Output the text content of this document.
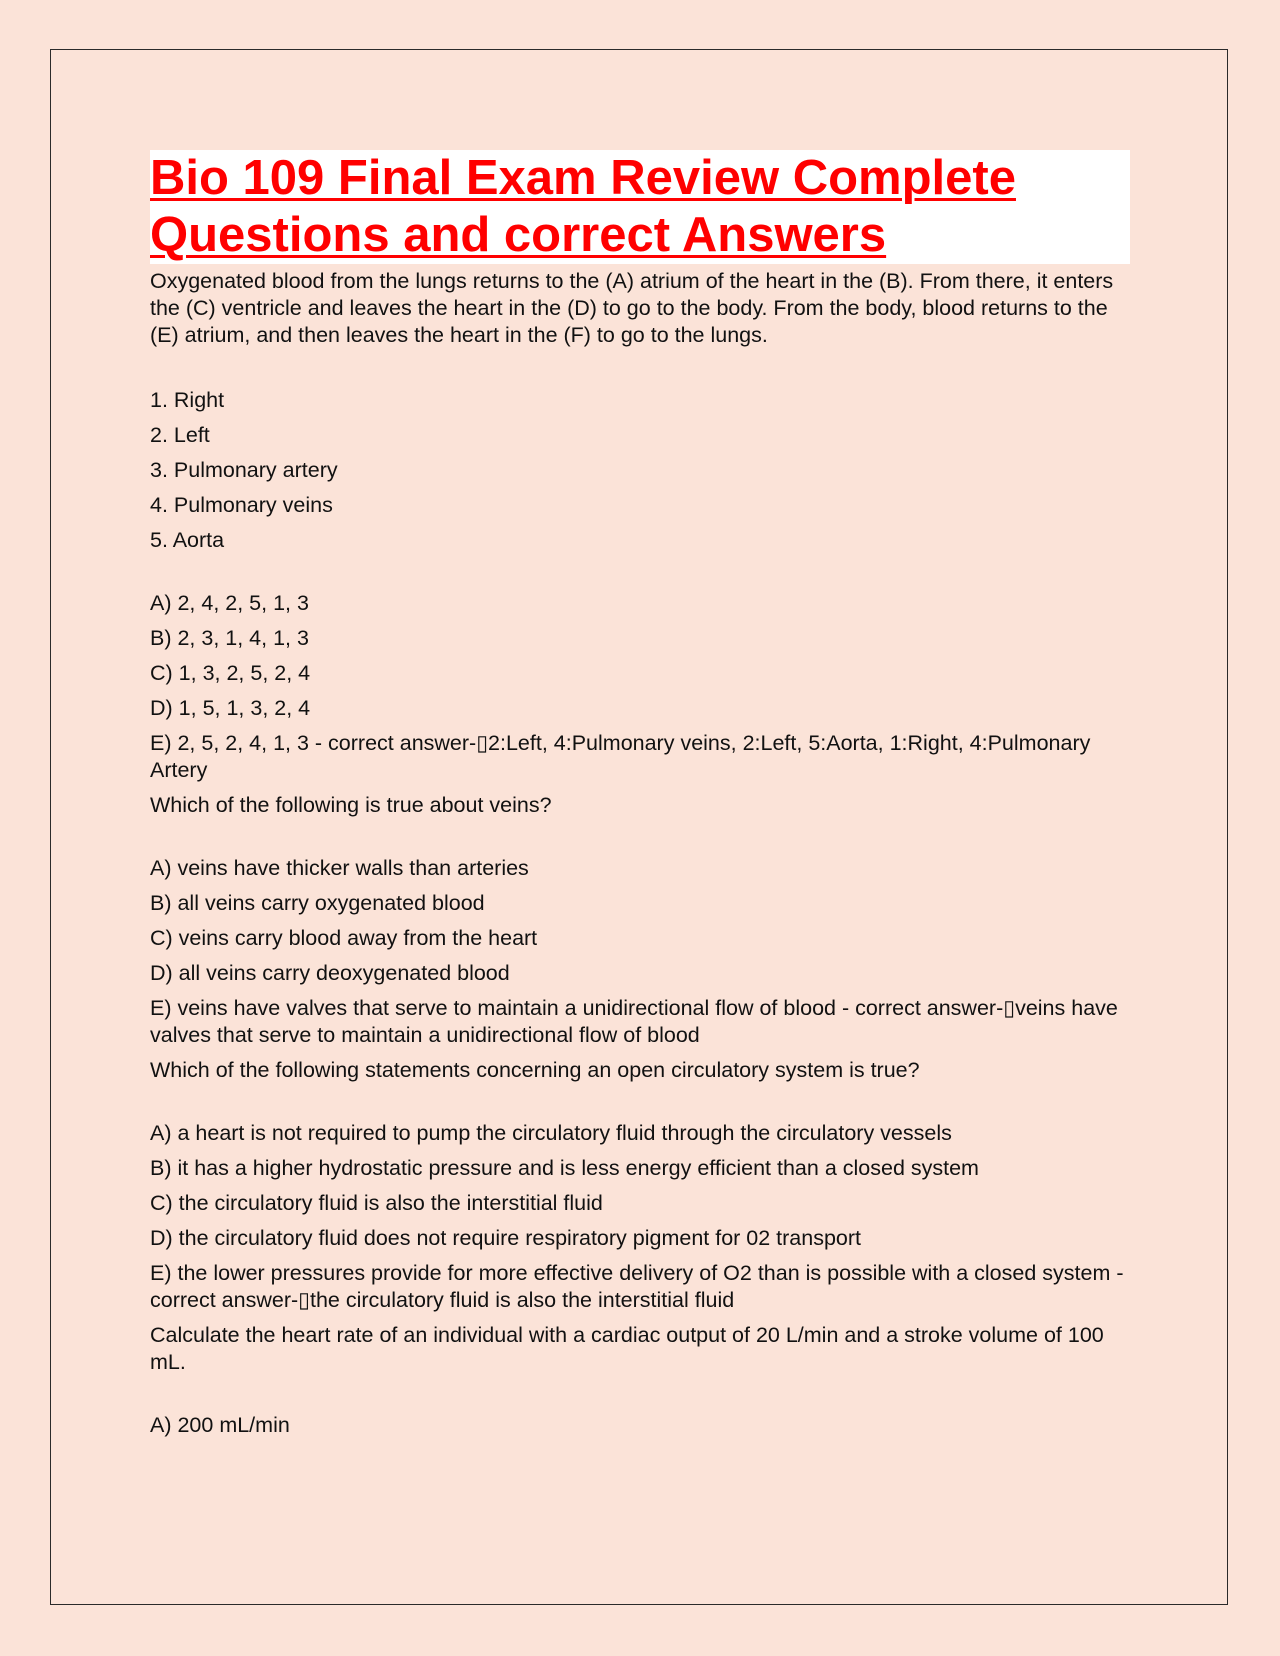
Bio 109 Final Exam Review Complete
Questions and correct Answers

Oxygenated blood from the lungs returns to the (A) atrium of the heart in the (B). From there, it enters the (C) ventricle and leaves the heart in the (D) to go to the body. From the body, blood returns to the (E) atrium, and then leaves the heart in the (F) to go to the lungs.

1. Right

2. Left

3. Pulmonary artery

4. Pulmonary veins

5. Aorta

A) 2, 4, 2, 5, 1, 3

B) 2, 3, 1, 4, 1, 3

C) 1, 3, 2, 5, 2, 4

D) 1, 5, 1, 3, 2, 4

E) 2, 5, 2, 4, 1, 3 - correct answer-▯2:Left, 4:Pulmonary veins, 2:Left, 5:Aorta, 1:Right, 4:Pulmonary Artery

Which of the following is true about veins?

A) veins have thicker walls than arteries

B) all veins carry oxygenated blood

C) veins carry blood away from the heart

D) all veins carry deoxygenated blood

E) veins have valves that serve to maintain a unidirectional flow of blood - correct answer-▯veins have valves that serve to maintain a unidirectional flow of blood

Which of the following statements concerning an open circulatory system is true?

A) a heart is not required to pump the circulatory fluid through the circulatory vessels

B) it has a higher hydrostatic pressure and is less energy efficient than a closed system

C) the circulatory fluid is also the interstitial fluid

D) the circulatory fluid does not require respiratory pigment for 02 transport

E) the lower pressures provide for more effective delivery of O2 than is possible with a closed system - correct answer-▯the circulatory fluid is also the interstitial fluid

Calculate the heart rate of an individual with a cardiac output of 20 L/min and a stroke volume of 100 mL.

A) 200 mL/min
